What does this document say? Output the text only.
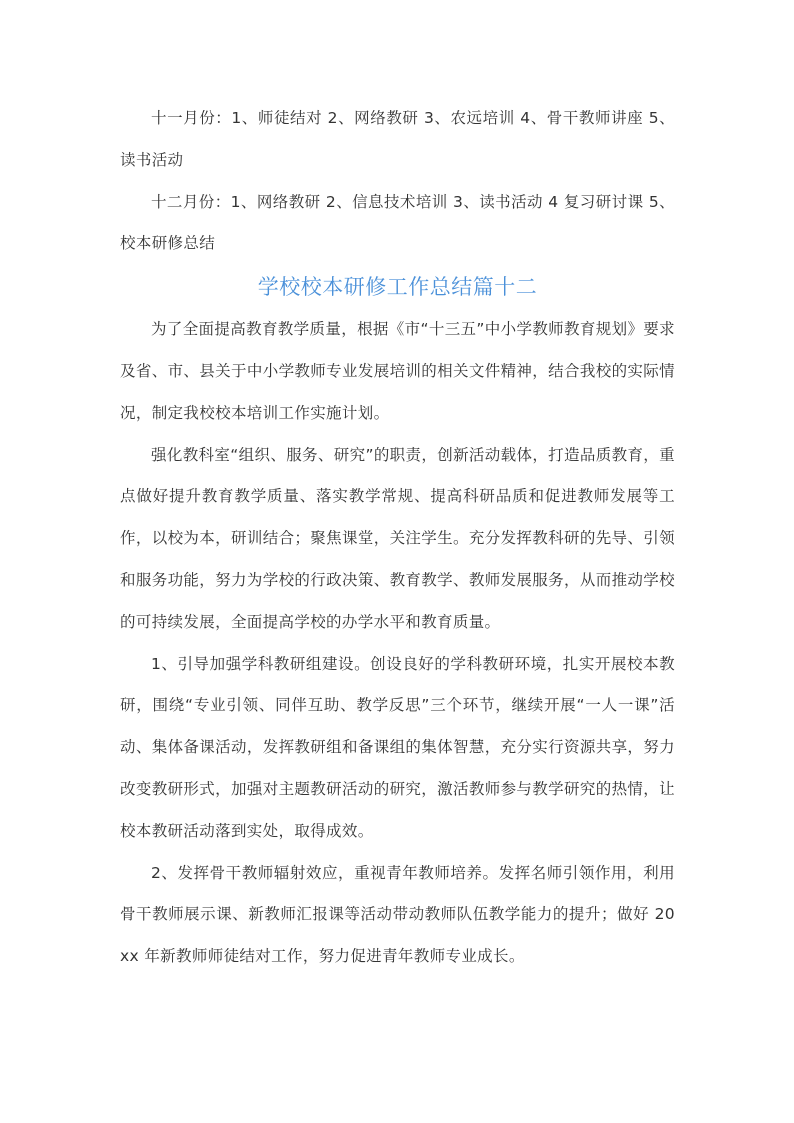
十一月份：1、师徒结对 2、网络教研 3、农远培训 4、骨干教师讲座 5、读书活动

十二月份：1、网络教研 2、信息技术培训 3、读书活动 4 复习研讨课 5、校本研修总结

学校校本研修工作总结篇十二

为了全面提高教育教学质量，根据《市“十三五”中小学教师教育规划》要求及省、市、县关于中小学教师专业发展培训的相关文件精神，结合我校的实际情况，制定我校校本培训工作实施计划。

强化教科室“组织、服务、研究”的职责，创新活动载体，打造品质教育，重点做好提升教育教学质量、落实教学常规、提高科研品质和促进教师发展等工作，以校为本，研训结合；聚焦课堂，关注学生。充分发挥教科研的先导、引领和服务功能，努力为学校的行政决策、教育教学、教师发展服务，从而推动学校的可持续发展，全面提高学校的办学水平和教育质量。

1、引导加强学科教研组建设。创设良好的学科教研环境，扎实开展校本教研，围绕“专业引领、同伴互助、教学反思”三个环节，继续开展“一人一课”活动、集体备课活动，发挥教研组和备课组的集体智慧，充分实行资源共享，努力改变教研形式，加强对主题教研活动的研究，激活教师参与教学研究的热情，让校本教研活动落到实处，取得成效。

2、发挥骨干教师辐射效应，重视青年教师培养。发挥名师引领作用，利用骨干教师展示课、新教师汇报课等活动带动教师队伍教学能力的提升；做好 20xx 年新教师师徒结对工作，努力促进青年教师专业成长。
